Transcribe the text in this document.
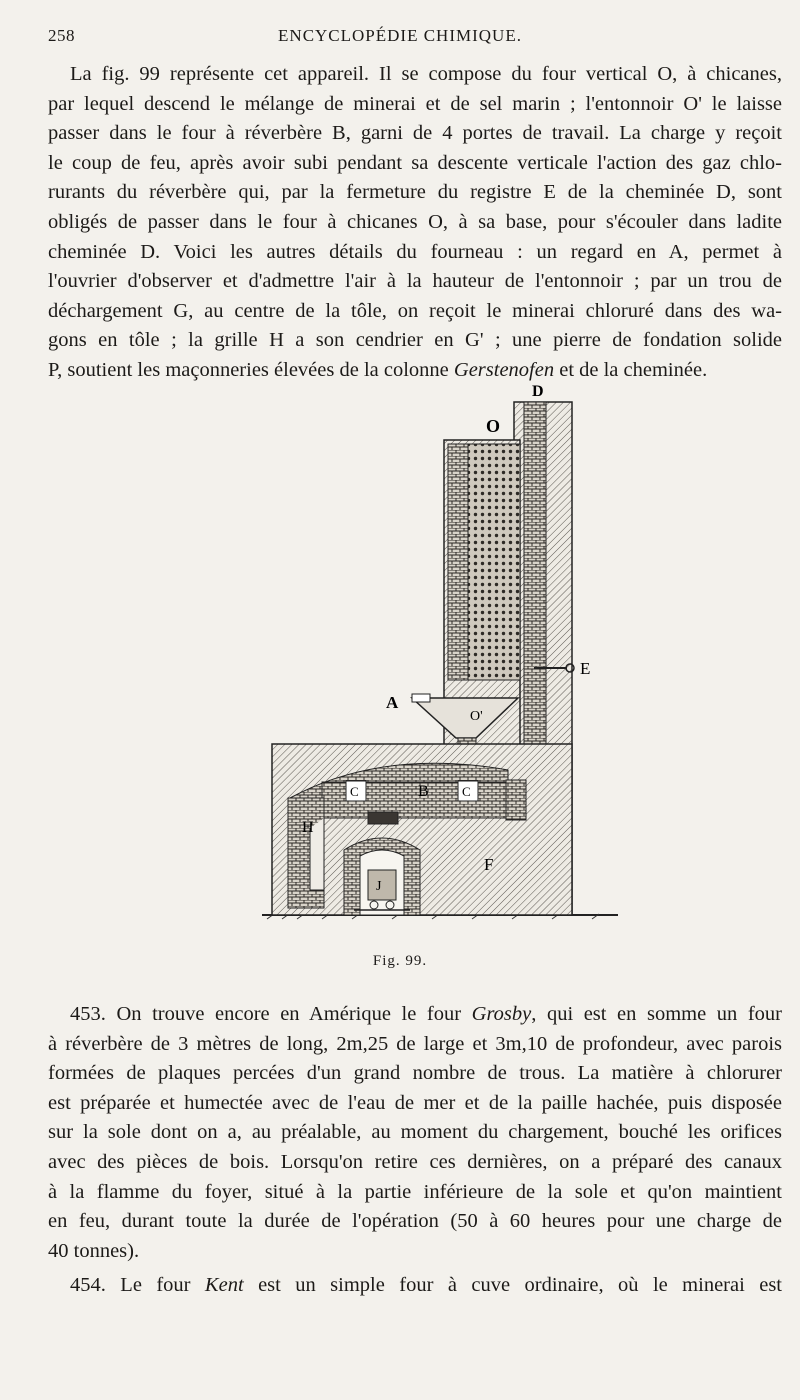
258	ENCYCLOPÉDIE CHIMIQUE.
La fig. 99 représente cet appareil. Il se compose du four vertical O, à chicanes,
par lequel descend le mélange de minerai et de sel marin ; l'entonnoir O' le laisse
passer dans le four à réverbère B, garni de 4 portes de travail. La charge y reçoit
le coup de feu, après avoir subi pendant sa descente verticale l'action des gaz chlo-
rurants du réverbère qui, par la fermeture du registre E de la cheminée D, sont
obligés de passer dans le four à chicanes O, à sa base, pour s'écouler dans ladite
cheminée D. Voici les autres détails du fourneau : un regard en A, permet à
l'ouvrier d'observer et d'admettre l'air à la hauteur de l'entonnoir ; par un trou de
déchargement G, au centre de la tôle, on reçoit le minerai chloruré dans des wa-
gons en tôle ; la grille H a son cendrier en G' ; une pierre de fondation solide
P, soutient les maçonneries élevées de la colonne Gerstenofen et de la cheminée.
D
O
E
A
O'
C	C
B
H
F
J
Fig. 99.
453. On trouve encore en Amérique le four Grosby, qui est en somme un four
à réverbère de 3 mètres de long, 2m,25 de large et 3m,10 de profondeur, avec parois
formées de plaques percées d'un grand nombre de trous. La matière à chlorurer
est préparée et humectée avec de l'eau de mer et de la paille hachée, puis disposée
sur la sole dont on a, au préalable, au moment du chargement, bouché les orifices
avec des pièces de bois. Lorsqu'on retire ces dernières, on a préparé des canaux
à la flamme du foyer, situé à la partie inférieure de la sole et qu'on maintient
en feu, durant toute la durée de l'opération (50 à 60 heures pour une charge de
40 tonnes).
454. Le four Kent est un simple four à cuve ordinaire, où le minerai est
